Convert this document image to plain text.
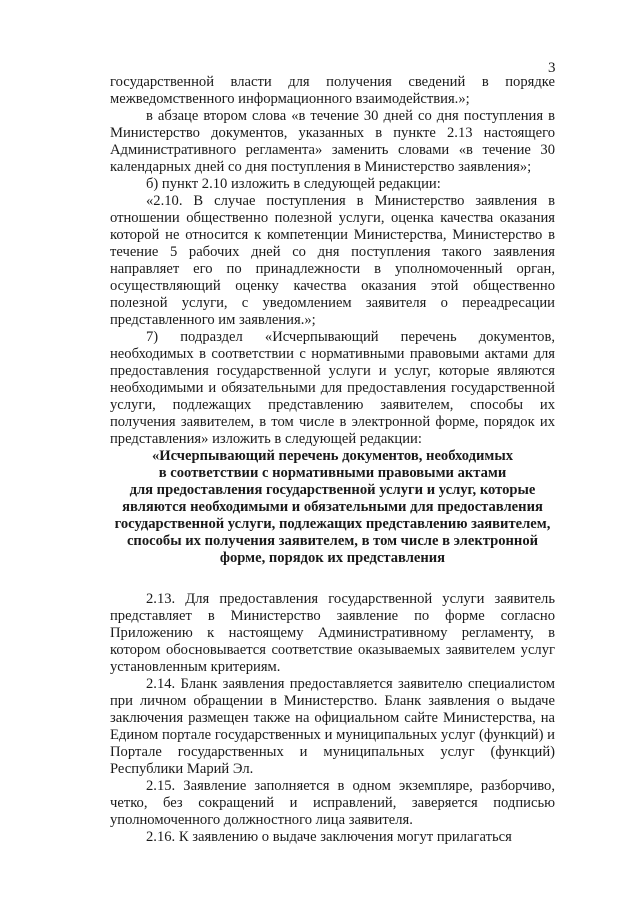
3

государственной власти для получения сведений в порядке межведомственного информационного взаимодействия.»;

в абзаце втором слова «в течение 30 дней со дня поступления в Министерство документов, указанных в пункте 2.13 настоящего Административного регламента» заменить словами «в течение 30 календарных дней со дня поступления в Министерство заявления»;

б) пункт 2.10 изложить в следующей редакции:

«2.10. В случае поступления в Министерство заявления в отношении общественно полезной услуги, оценка качества оказания которой не относится к компетенции Министерства, Министерство в течение 5 рабочих дней со дня поступления такого заявления направляет его по принадлежности в уполномоченный орган, осуществляющий оценку качества оказания этой общественно полезной услуги, с уведомлением заявителя о переадресации представленного им заявления.»;

7) подраздел «Исчерпывающий перечень документов, необходимых в соответствии с нормативными правовыми актами для предоставления государственной услуги и услуг, которые являются необходимыми и обязательными для предоставления государственной услуги, подлежащих представлению заявителем, способы их получения заявителем, в том числе в электронной форме, порядок их представления» изложить в следующей редакции:

«Исчерпывающий перечень документов, необходимых

в соответствии с нормативными правовыми актами

для предоставления государственной услуги и услуг, которые

являются необходимыми и обязательными для предоставления

государственной услуги, подлежащих представлению заявителем,

способы их получения заявителем, в том числе в электронной

форме, порядок их представления

2.13. Для предоставления государственной услуги заявитель представляет в Министерство заявление по форме согласно Приложению к настоящему Административному регламенту, в котором обосновывается соответствие оказываемых заявителем услуг установленным критериям.

2.14. Бланк заявления предоставляется заявителю специалистом при личном обращении в Министерство. Бланк заявления о выдаче заключения размещен также на официальном сайте Министерства, на Едином портале государственных и муниципальных услуг (функций) и Портале государственных и муниципальных услуг (функций) Республики Марий Эл.

2.15. Заявление заполняется в одном экземпляре, разборчиво, четко, без сокращений и исправлений, заверяется подписью уполномоченного должностного лица заявителя.

2.16. К заявлению о выдаче заключения могут прилагаться
